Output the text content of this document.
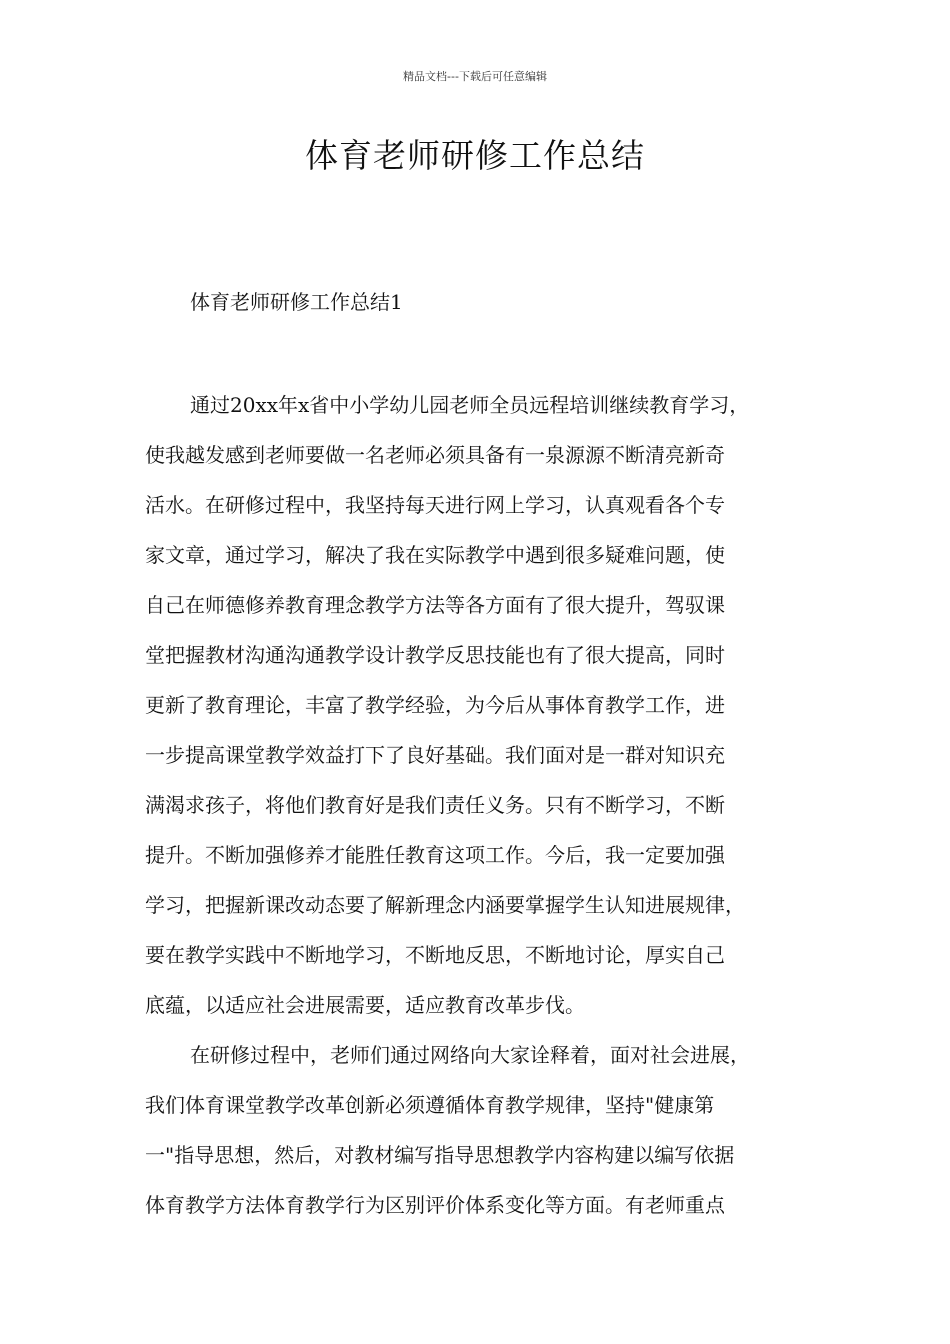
精品文档---下载后可任意编辑
体育老师研修工作总结
体育老师研修工作总结1
通过20xx年x省中小学幼儿园老师全员远程培训继续教育学习，
使我越发感到老师要做一名老师必须具备有一泉源源不断清亮新奇
活水。在研修过程中，我坚持每天进行网上学习，认真观看各个专
家文章，通过学习，解决了我在实际教学中遇到很多疑难问题，使
自己在师德修养教育理念教学方法等各方面有了很大提升，驾驭课
堂把握教材沟通沟通教学设计教学反思技能也有了很大提高，同时
更新了教育理论，丰富了教学经验，为今后从事体育教学工作，进
一步提高课堂教学效益打下了良好基础。我们面对是一群对知识充
满渴求孩子，将他们教育好是我们责任义务。只有不断学习，不断
提升。不断加强修养才能胜任教育这项工作。今后，我一定要加强
学习，把握新课改动态要了解新理念内涵要掌握学生认知进展规律，
要在教学实践中不断地学习，不断地反思，不断地讨论，厚实自己
底蕴，以适应社会进展需要，适应教育改革步伐。
在研修过程中，老师们通过网络向大家诠释着，面对社会进展，
我们体育课堂教学改革创新必须遵循体育教学规律，坚持"健康第
一"指导思想，然后，对教材编写指导思想教学内容构建以编写依据
体育教学方法体育教学行为区别评价体系变化等方面。有老师重点
